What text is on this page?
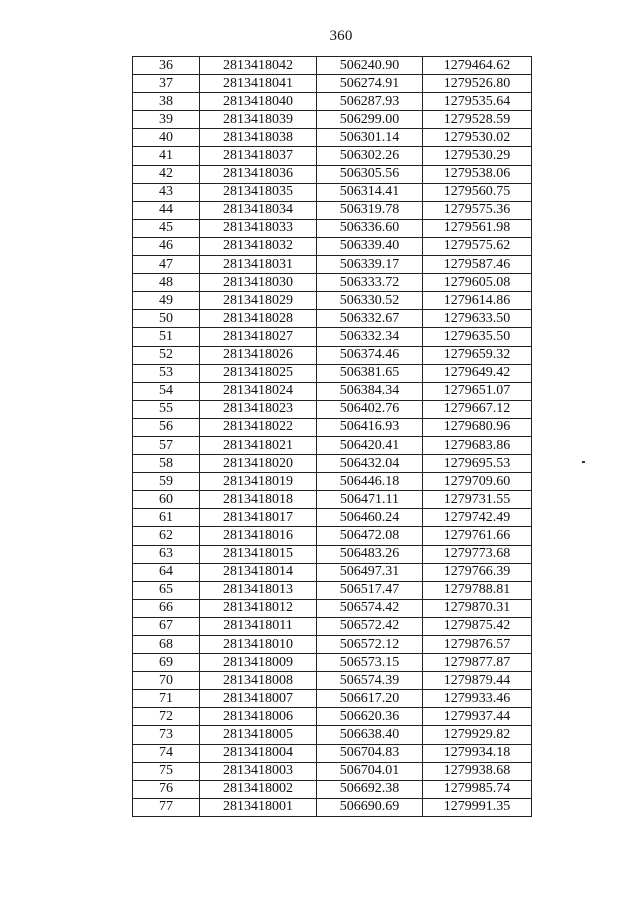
360
36	2813418042	506240.90	1279464.62
37	2813418041	506274.91	1279526.80
38	2813418040	506287.93	1279535.64
39	2813418039	506299.00	1279528.59
40	2813418038	506301.14	1279530.02
41	2813418037	506302.26	1279530.29
42	2813418036	506305.56	1279538.06
43	2813418035	506314.41	1279560.75
44	2813418034	506319.78	1279575.36
45	2813418033	506336.60	1279561.98
46	2813418032	506339.40	1279575.62
47	2813418031	506339.17	1279587.46
48	2813418030	506333.72	1279605.08
49	2813418029	506330.52	1279614.86
50	2813418028	506332.67	1279633.50
51	2813418027	506332.34	1279635.50
52	2813418026	506374.46	1279659.32
53	2813418025	506381.65	1279649.42
54	2813418024	506384.34	1279651.07
55	2813418023	506402.76	1279667.12
56	2813418022	506416.93	1279680.96
57	2813418021	506420.41	1279683.86
58	2813418020	506432.04	1279695.53
59	2813418019	506446.18	1279709.60
60	2813418018	506471.11	1279731.55
61	2813418017	506460.24	1279742.49
62	2813418016	506472.08	1279761.66
63	2813418015	506483.26	1279773.68
64	2813418014	506497.31	1279766.39
65	2813418013	506517.47	1279788.81
66	2813418012	506574.42	1279870.31
67	2813418011	506572.42	1279875.42
68	2813418010	506572.12	1279876.57
69	2813418009	506573.15	1279877.87
70	2813418008	506574.39	1279879.44
71	2813418007	506617.20	1279933.46
72	2813418006	506620.36	1279937.44
73	2813418005	506638.40	1279929.82
74	2813418004	506704.83	1279934.18
75	2813418003	506704.01	1279938.68
76	2813418002	506692.38	1279985.74
77	2813418001	506690.69	1279991.35
